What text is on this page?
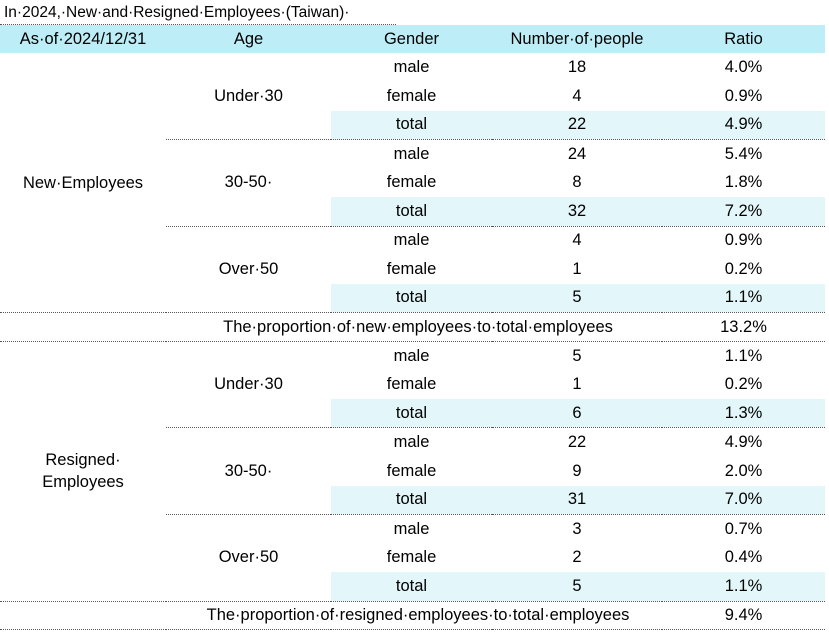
In·2024,·New·and·Resigned·Employees·(Taiwan)·
As·of·2024/12/31	Age	Gender	Number·of·people	Ratio
New·Employees	Under·30	male	18	4.0%
		female	4	0.9%
		total	22	4.9%
	30-50·	male	24	5.4%
		female	8	1.8%
		total	32	7.2%
	Over·50	male	4	0.9%
		female	1	0.2%
		total	5	1.1%
	The·proportion·of·new·employees·to·total·employees			13.2%
Resigned·
Employees	Under·30	male	5	1.1%
		female	1	0.2%
		total	6	1.3%
	30-50·	male	22	4.9%
		female	9	2.0%
		total	31	7.0%
	Over·50	male	3	0.7%
		female	2	0.4%
		total	5	1.1%
	The·proportion·of·resigned·employees·to·total·employees			9.4%
